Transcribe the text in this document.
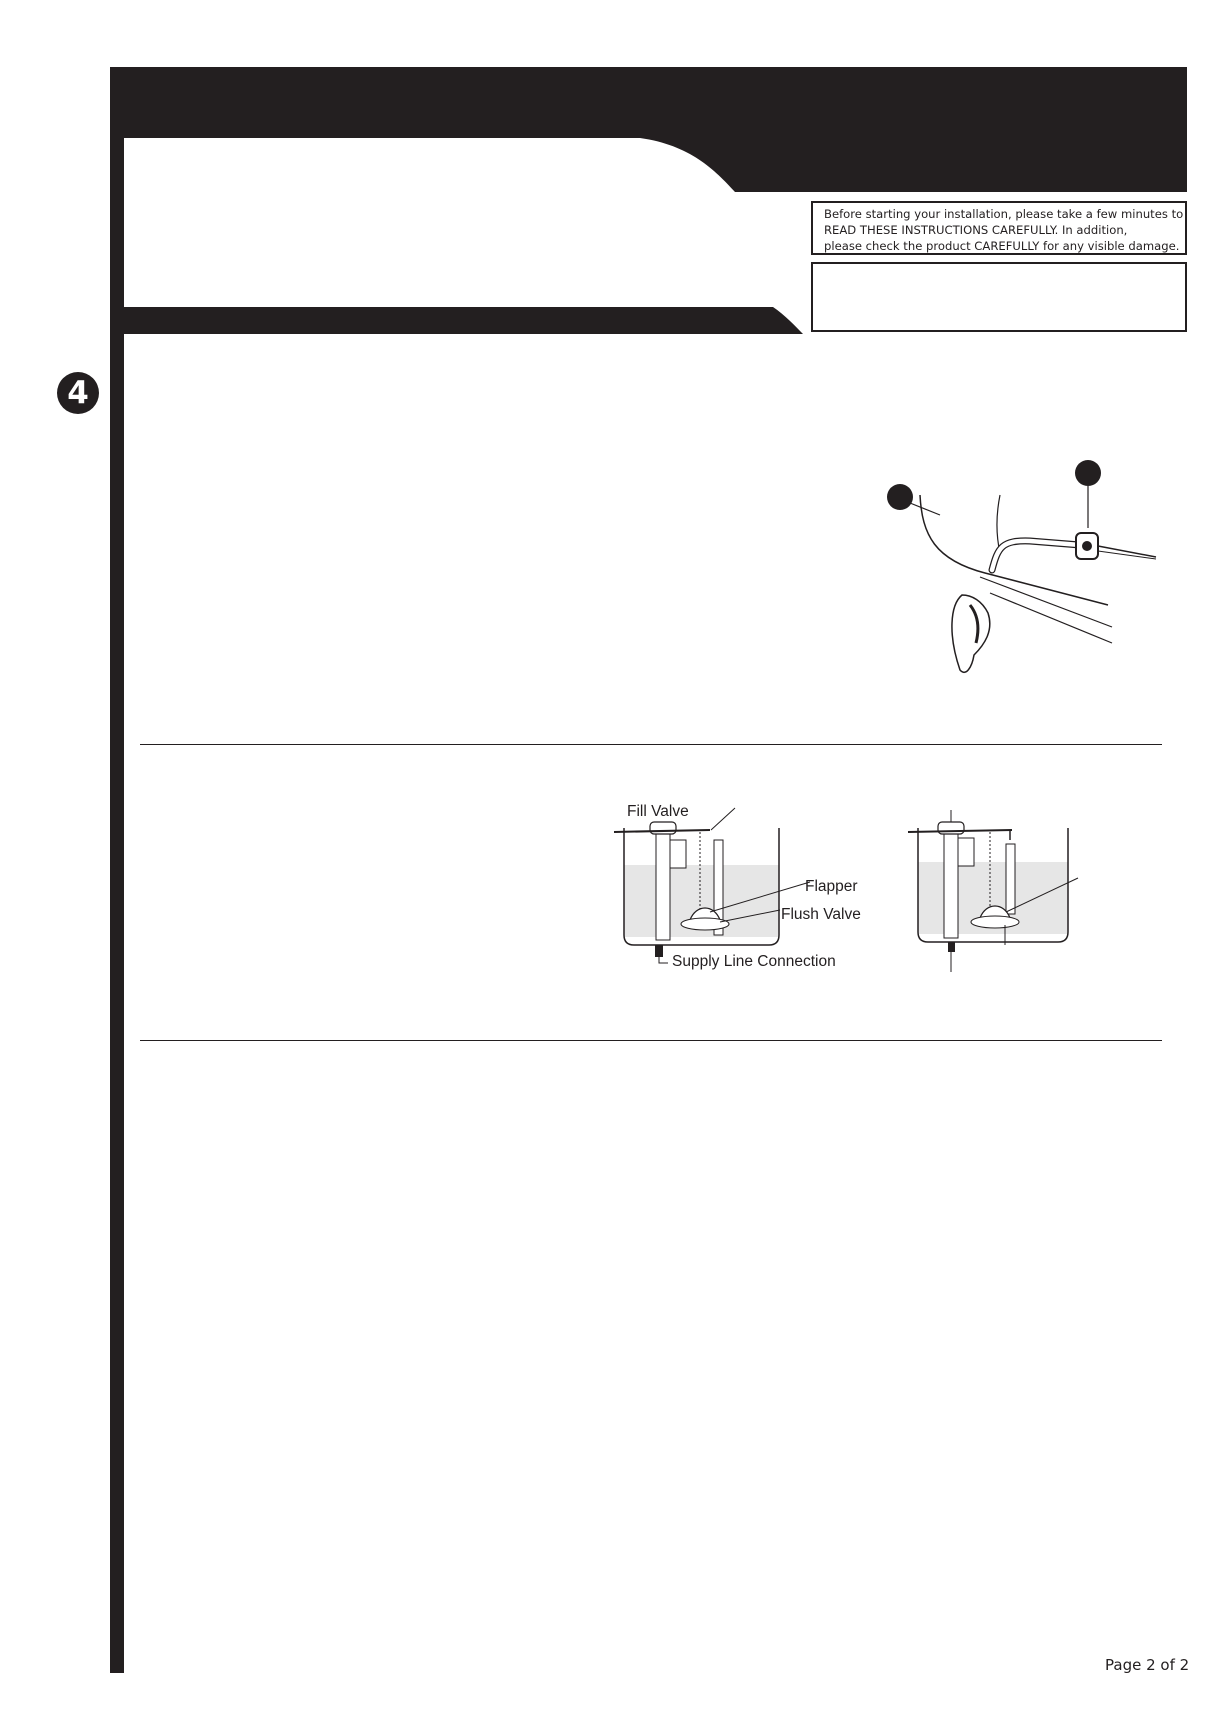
Before starting your installation, please take a few minutes to
READ THESE INSTRUCTIONS CAREFULLY. In addition,
please check the product CAREFULLY for any visible damage.
4
Fill Valve
Flapper
Flush Valve
Supply Line Connection
Page 2 of 2
